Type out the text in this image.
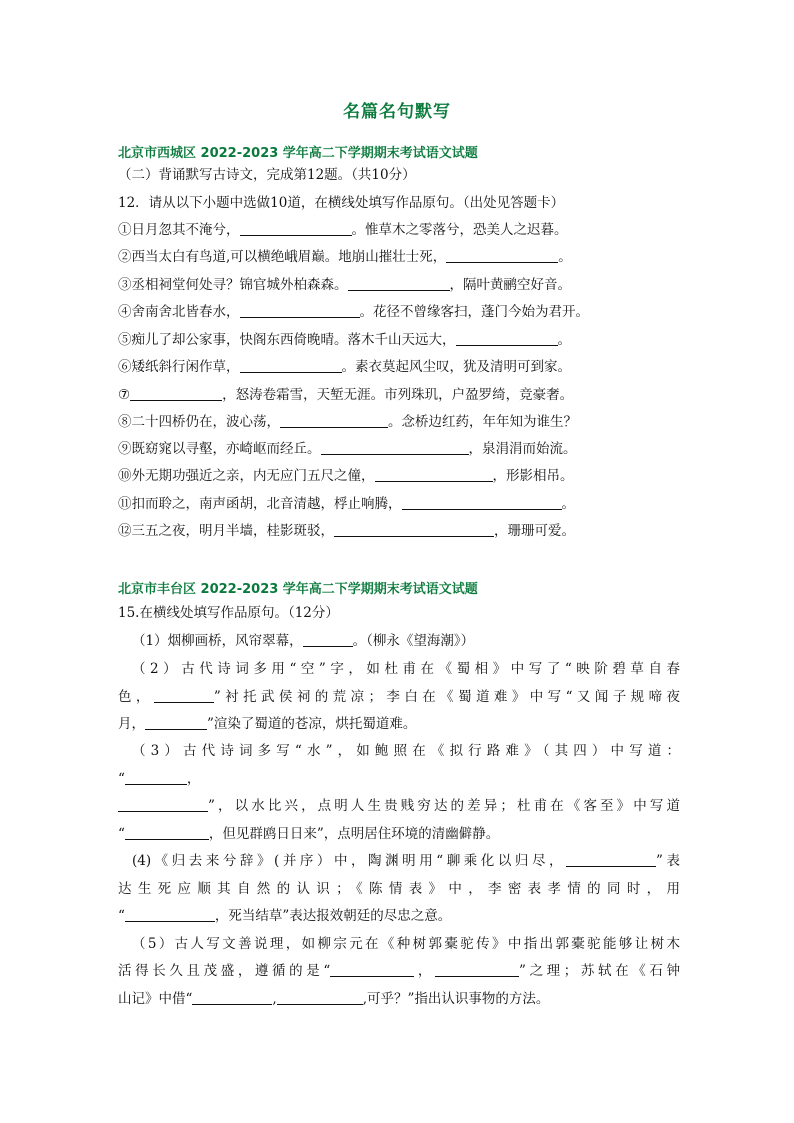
名篇名句默写
北京市西城区 2022-2023 学年高二下学期期末考试语文试题
（二）背诵默写古诗文，完成第12题。（共10分）
12．请从以下小题中选做10道，在横线处填写作品原句。（出处见答题卡）
①日月忽其不淹兮，	。惟草木之零落兮，恐美人之迟暮。
②西当太白有鸟道,可以横绝峨眉巅。地崩山摧壮士死，	。
③丞相祠堂何处寻？锦官城外柏森森。	，隔叶黄鹂空好音。
④舍南舍北皆春水，	。花径不曾缘客扫，蓬门今始为君开。
⑤痴儿了却公家事，快阁东西倚晚晴。落木千山天远大，	。
⑥矮纸斜行闲作草，	。素衣莫起风尘叹，犹及清明可到家。
⑦	，怒涛卷霜雪，天堑无涯。市列珠玑，户盈罗绮，竞豪奢。
⑧二十四桥仍在，波心荡，	。念桥边红药，年年知为谁生？
⑨既窈窕以寻壑，亦崎岖而经丘。	，泉涓涓而始流。
⑩外无期功强近之亲，内无应门五尺之僮，	，形影相吊。
⑪扣而聆之，南声函胡，北音清越，桴止响腾，	。
⑫三五之夜，明月半墙，桂影斑驳，	，珊珊可爱。
北京市丰台区 2022-2023 学年高二下学期期末考试语文试题
15.在横线处填写作品原句。（12分）
（1）烟柳画桥，风帘翠幕，	。（柳永《望海潮》）
（2）古代诗词多用“空”字，如杜甫在《蜀相》中写了“映阶碧草自春
色，	”衬托武侯祠的荒凉；李白在《蜀道难》中写“又闻子规啼夜
月，	”渲染了蜀道的苍凉，烘托蜀道难。
（3）古代诗词多写“水”，如鲍照在《拟行路难》（其四）中写道：
“	，
”，以水比兴，点明人生贵贱穷达的差异；杜甫在《客至》中写道
“	，但见群鸥日日来”，点明居住环境的清幽僻静。
(4)《归去来兮辞》(并序）中，陶渊明用“聊乘化以归尽，	”表
达生死应顺其自然的认识；《陈情表》中，李密表孝情的同时，用
“	，死当结草”表达报效朝廷的尽忠之意。
（5）古人写文善说理，如柳宗元在《种树郭橐驼传》中指出郭橐驼能够让树木
活得长久且茂盛，遵循的是“	，	”之理；苏轼在《石钟
山记》中借“	,	,可乎？”指出认识事物的方法。
